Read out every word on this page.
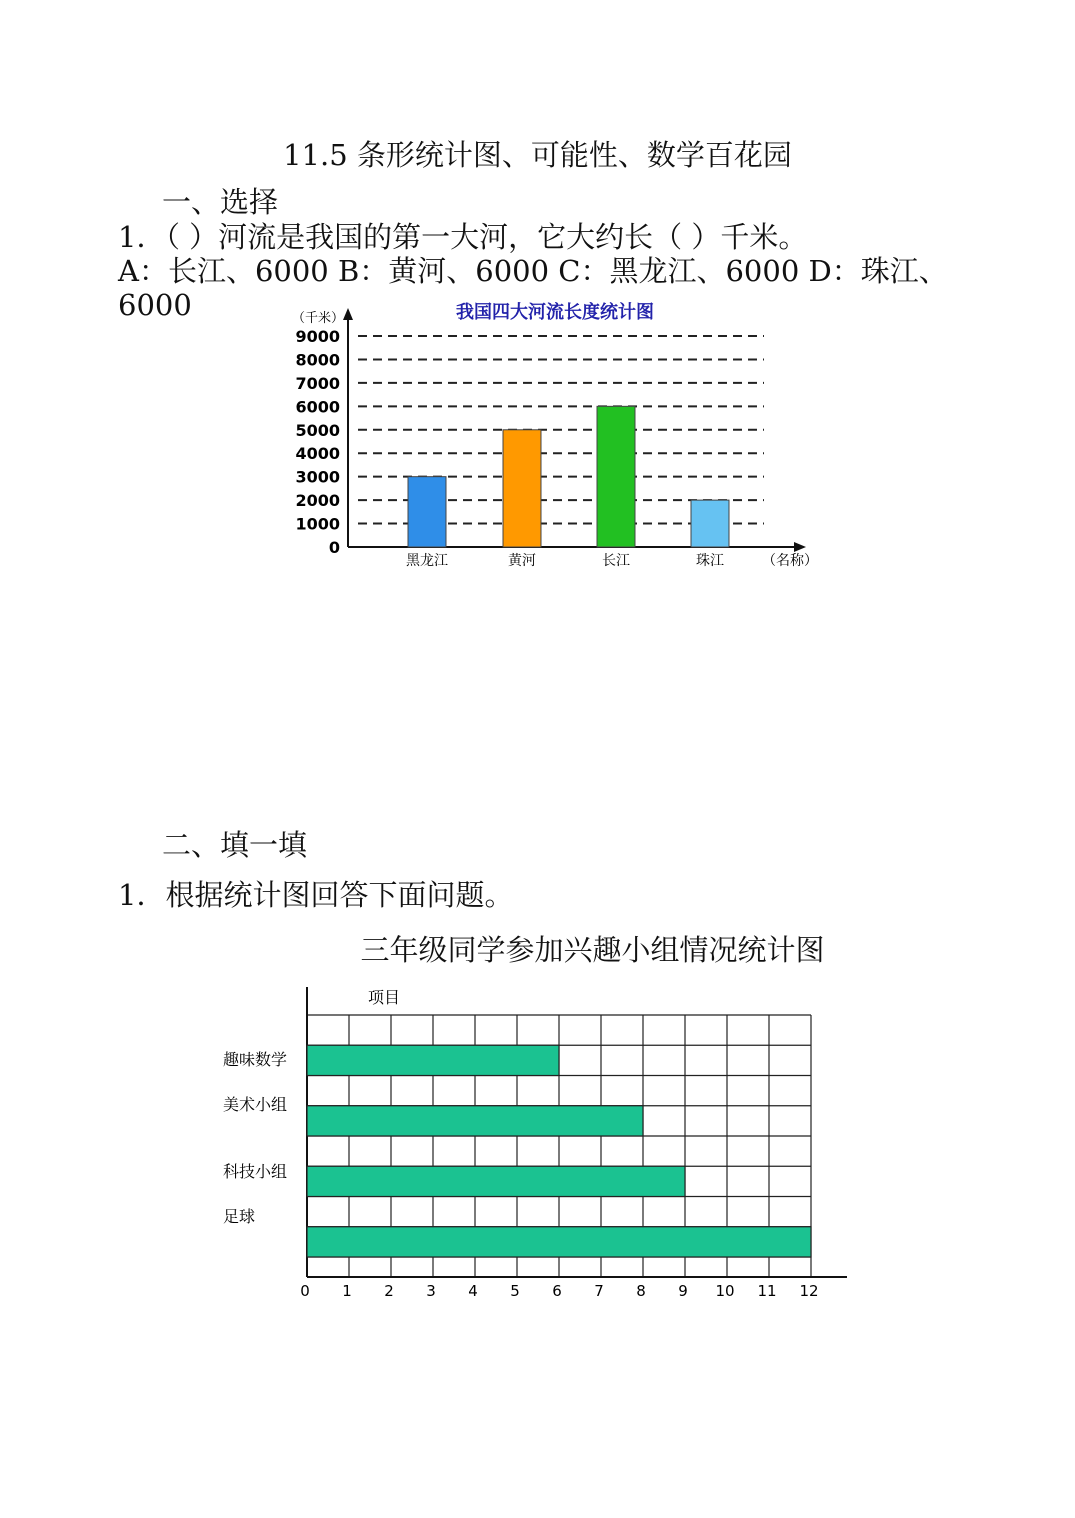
11.5 条形统计图、可能性、数学百花园
一、选择
1．（ ）河流是我国的第一大河，它大约长（ ）千米。
A：长江、6000 B：黄河、6000 C：黑龙江、6000 D：珠江、
6000	我国四大河流长度统计图
（千米）
（名称）
0
1000
2000
3000
4000
5000
6000
7000
8000
9000
黑龙江	黄河	长江	珠江
二、填一填
1．根据统计图回答下面问题。
三年级同学参加兴趣小组情况统计图
项目
趣味数学
美术小组
科技小组
足球
0 1 2 3 4 5 6 7 8 9 10 11 12
